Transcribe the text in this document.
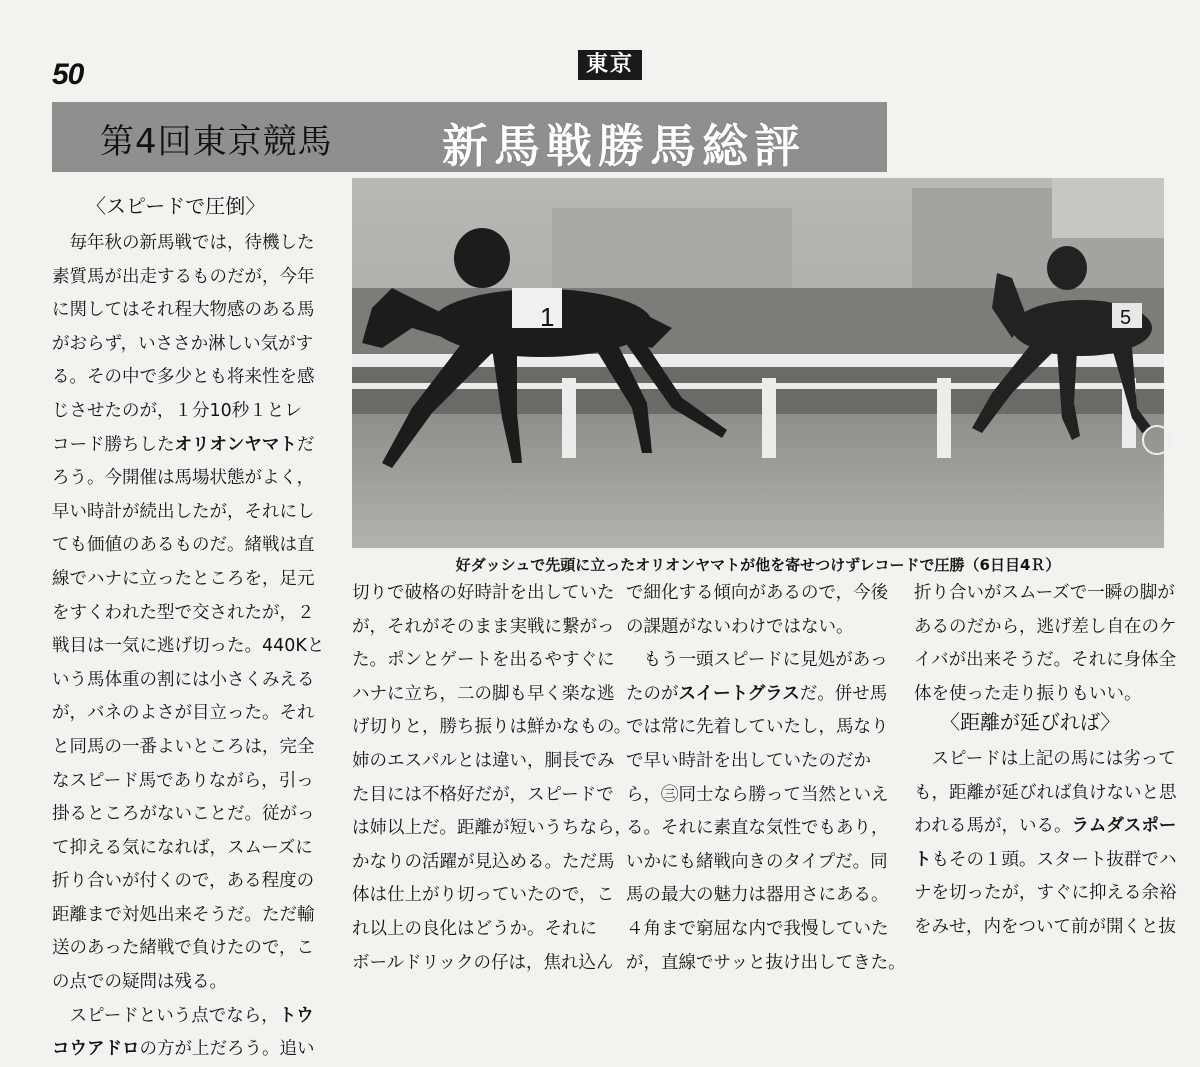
50	東京
第4回東京競馬 新馬戦勝馬総評
1	5
好ダッシュで先頭に立ったオリオンヤマトが他を寄せつけずレコードで圧勝（6日目4Ｒ）
〈スピードで圧倒〉
〈距離が延びれば〉

毎年秋の新馬戦では，待機した

素質馬が出走するものだが，今年

に関してはそれ程大物感のある馬

がおらず，いささか淋しい気がす

る。その中で多少とも将来性を感

じさせたのが，１分10秒１とレ

コード勝ちしたオリオンヤマトだ

ろう。今開催は馬場状態がよく，

早い時計が続出したが，それにし

ても価値のあるものだ。緒戦は直

線でハナに立ったところを，足元

をすくわれた型で交されたが，２

戦目は一気に逃げ切った。440Kと

いう馬体重の割には小さくみえる

が，バネのよさが目立った。それ

と同馬の一番よいところは，完全

なスピード馬でありながら，引っ

掛るところがないことだ。従がっ

て抑える気になれば，スムーズに

折り合いが付くので，ある程度の

距離まで対処出来そうだ。ただ輸

送のあった緒戦で負けたので，こ

の点での疑問は残る。

スピードという点でなら，トウ

コウアドロの方が上だろう。追い

切りで破格の好時計を出していた

が，それがそのまま実戦に繋がっ

た。ポンとゲートを出るやすぐに

ハナに立ち，二の脚も早く楽な逃

げ切りと，勝ち振りは鮮かなもの。

姉のエスパルとは違い，胴長でみ

た目には不格好だが，スピードで

は姉以上だ。距離が短いうちなら，

かなりの活躍が見込める。ただ馬

体は仕上がり切っていたので，こ

れ以上の良化はどうか。それに

ボールドリックの仔は，焦れ込ん

で細化する傾向があるので，今後

の課題がないわけではない。

もう一頭スピードに見処があっ

たのがスイートグラスだ。併せ馬

では常に先着していたし，馬なり

で早い時計を出していたのだか

ら，㊂同士なら勝って当然といえ

る。それに素直な気性でもあり，

いかにも緒戦向きのタイプだ。同

馬の最大の魅力は器用さにある。

４角まで窮屈な内で我慢していた

が，直線でサッと抜け出してきた。

折り合いがスムーズで一瞬の脚が

あるのだから，逃げ差し自在のケ

イバが出来そうだ。それに身体全

体を使った走り振りもいい。

スピードは上記の馬には劣って

も，距離が延びれば負けないと思

われる馬が，いる。ラムダスポー

トもその１頭。スタート抜群でハ

ナを切ったが，すぐに抑える余裕

をみせ，内をついて前が開くと抜
